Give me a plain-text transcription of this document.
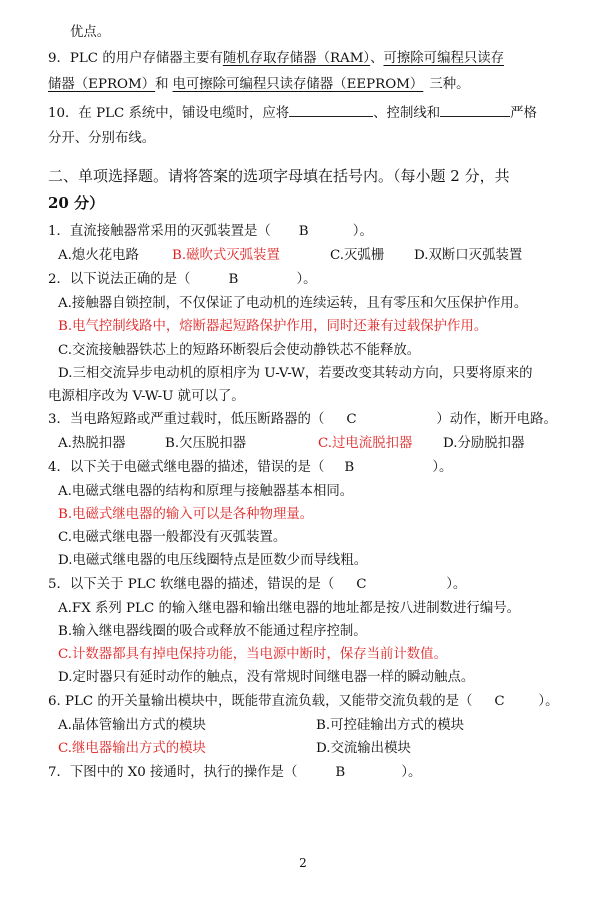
优点。
9．PLC 的用户存储器主要有随机存取存储器（RAM）、可擦除可编程只读存
储器（EPROM）和 电可擦除可编程只读存储器（EEPROM） 三种。
10．在 PLC 系统中，铺设电缆时，应将	、控制线和	严格
分开、分别布线。
二、单项选择题。请将答案的选项字母填在括号内。（每小题 2 分，共
20 分）
1．直流接触器常采用的灭弧装置是（ B	）。
A.熄火花电路 B.磁吹式灭弧装置	C.灭弧栅 D.双断口灭弧装置
2．以下说法正确的是（	B	）。
A.接触器自锁控制，不仅保证了电动机的连续运转，且有零压和欠压保护作用。
B.电气控制线路中，熔断器起短路保护作用，同时还兼有过载保护作用。
C.交流接触器铁芯上的短路环断裂后会使动静铁芯不能释放。
D.三相交流异步电动机的原相序为 U-V-W，若要改变其转动方向，只要将原来的
电源相序改为 V-W-U 就可以了。
3．当电路短路或严重过载时，低压断路器的（ C	）动作，断开电路。
A.热脱扣器	B.欠压脱扣器	C.过电流脱扣器 D.分励脱扣器
4．以下关于电磁式继电器的描述，错误的是（ B	）。
A.电磁式继电器的结构和原理与接触器基本相同。
B.电磁式继电器的输入可以是各种物理量。
C.电磁式继电器一般都没有灭弧装置。
D.电磁式继电器的电压线圈特点是匝数少而导线粗。
5．以下关于 PLC 软继电器的描述，错误的是（ C	）。
A.FX 系列 PLC 的输入继电器和输出继电器的地址都是按八进制数进行编号。
B.输入继电器线圈的吸合或释放不能通过程序控制。
C.计数器都具有掉电保持功能，当电源中断时，保存当前计数值。
D.定时器只有延时动作的触点，没有常规时间继电器一样的瞬动触点。
6. PLC 的开关量输出模块中，既能带直流负载，又能带交流负载的是（ C	）。
A.晶体管输出方式的模块	B.可控硅输出方式的模块
C.继电器输出方式的模块	D.交流输出模块
7．下图中的 X0 接通时，执行的操作是（	B	）。
2
